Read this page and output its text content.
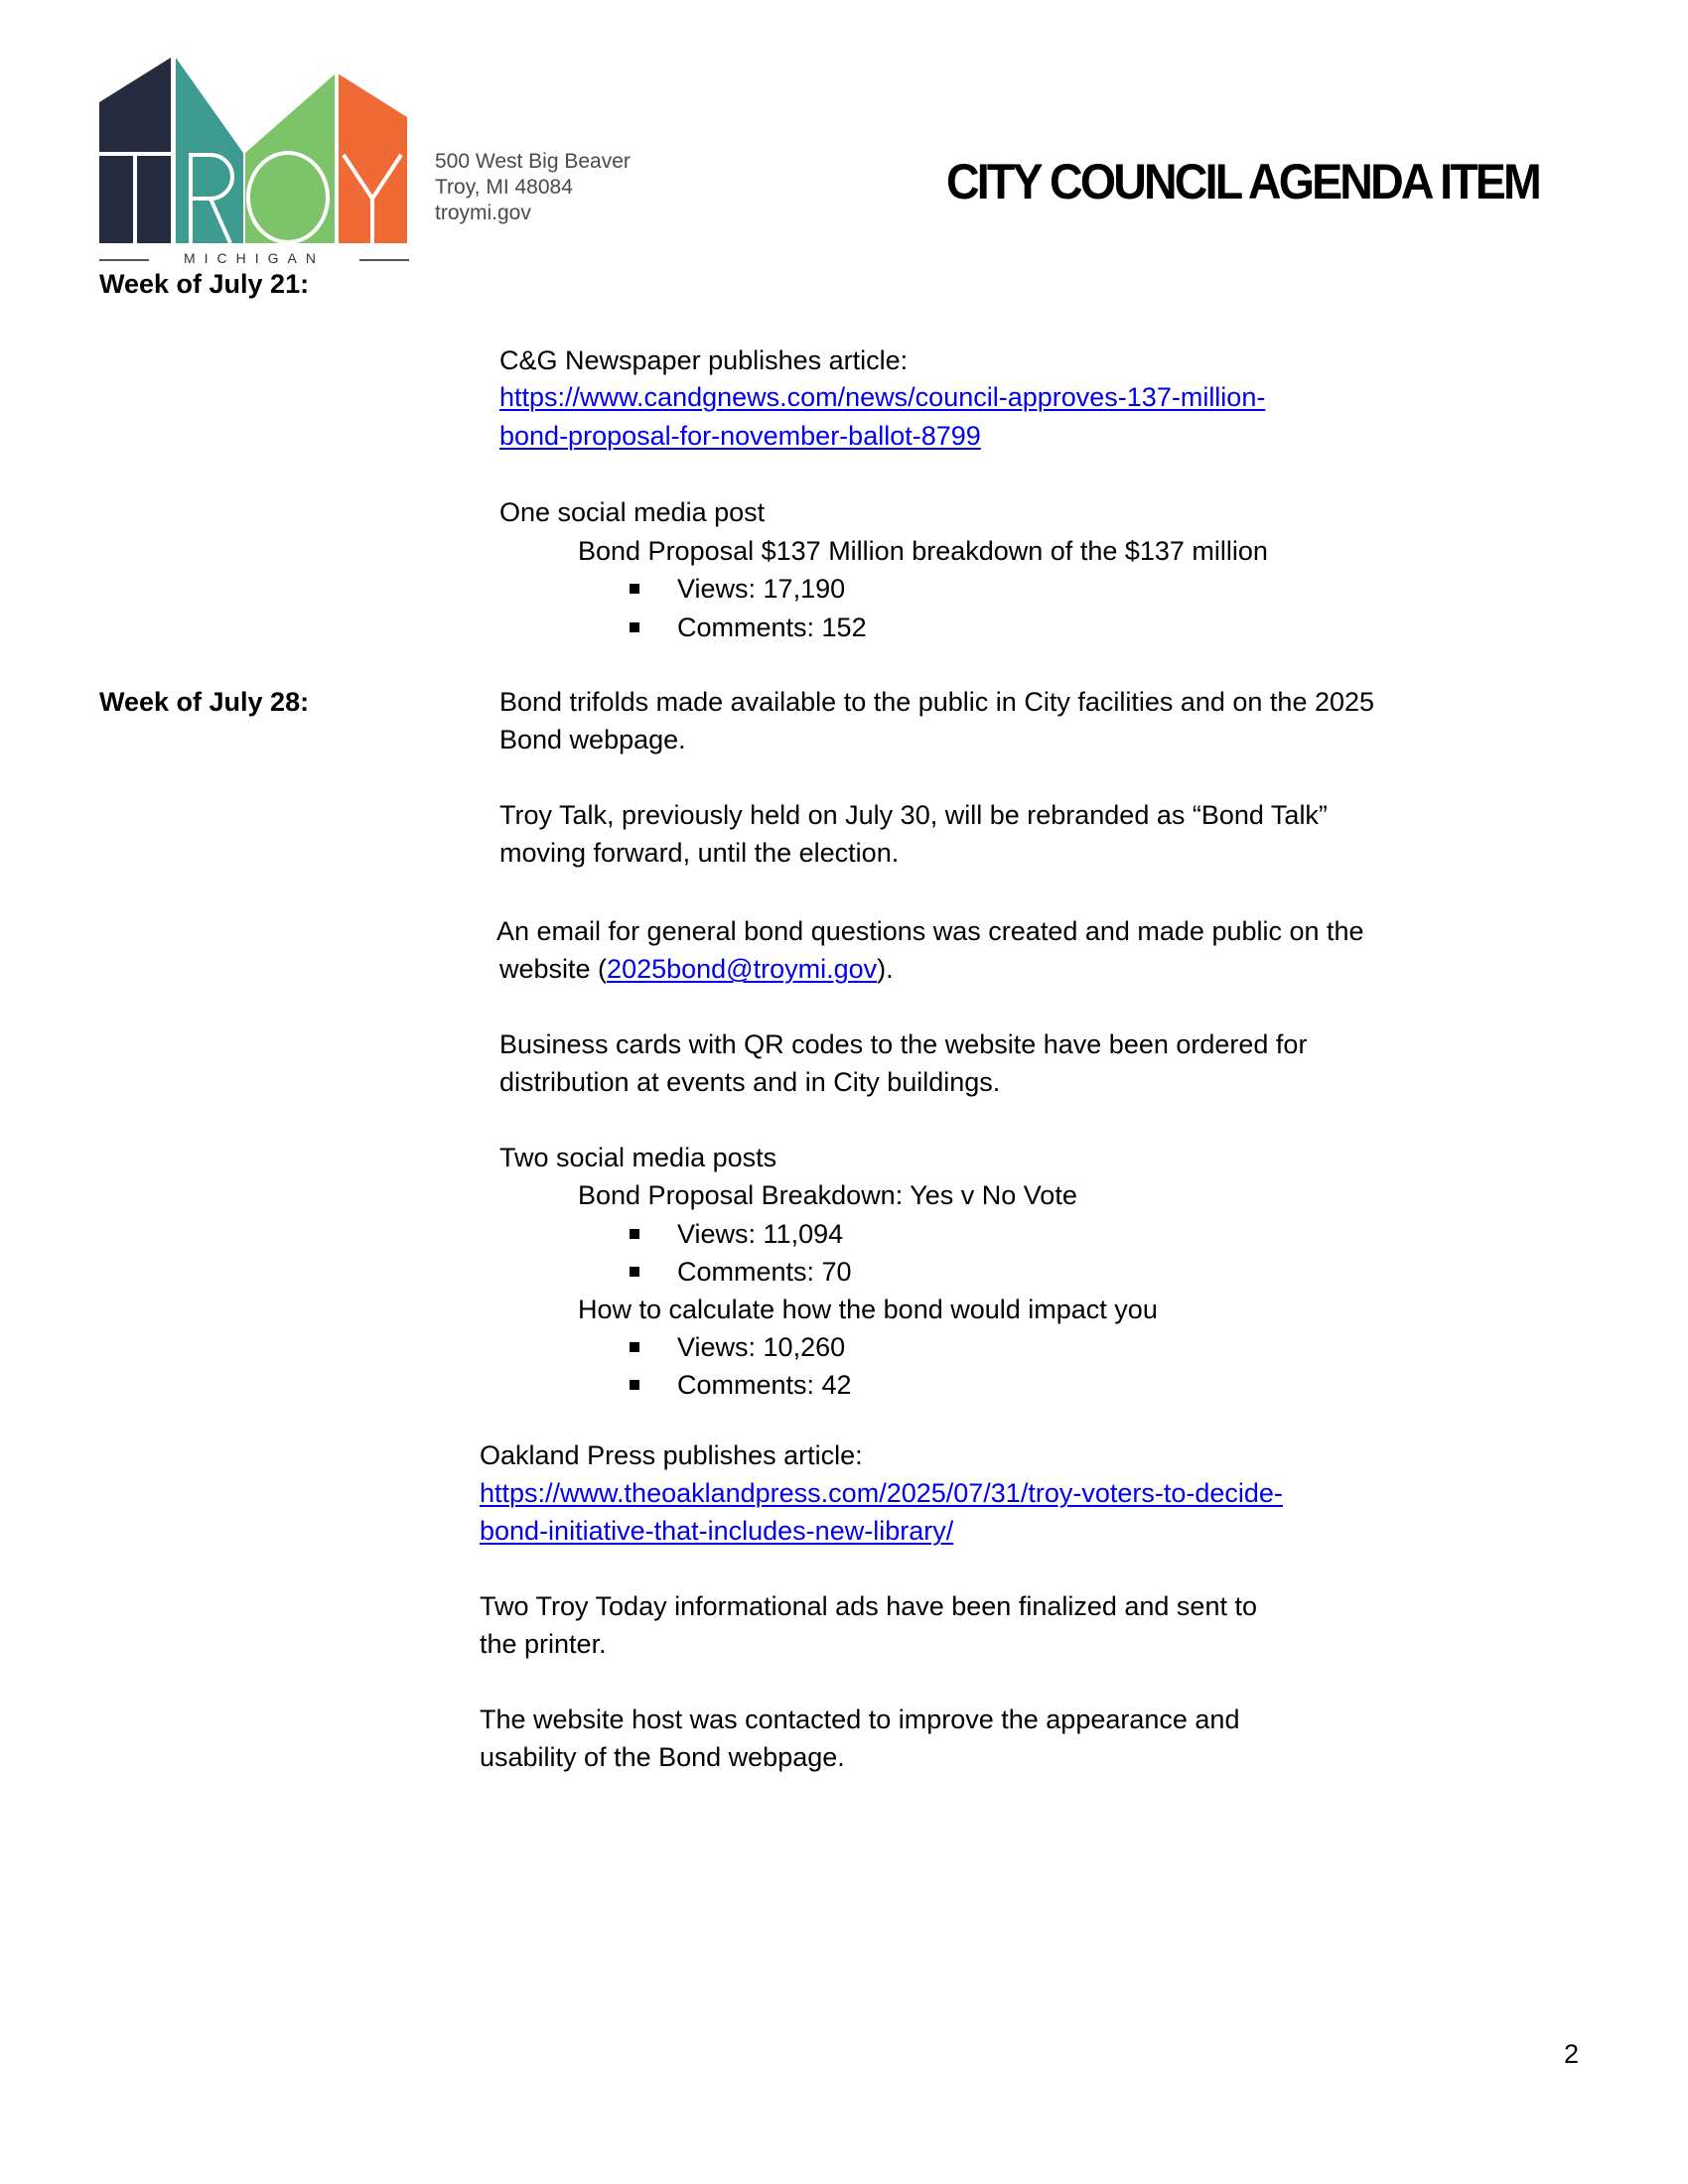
MICHIGAN
500 West Big Beaver
Troy, MI 48084
troymi.gov
CITY COUNCIL AGENDA ITEM
Week of July 21:
C&G Newspaper publishes article:
https://www.candgnews.com/news/council-approves-137-million-
bond-proposal-for-november-ballot-8799
One social media post
Bond Proposal $137 Million breakdown of the $137 million
Views: 17,190
Comments: 152
Week of July 28:	Bond trifolds made available to the public in City facilities and on the 2025
Bond webpage.
Troy Talk, previously held on July 30, will be rebranded as “Bond Talk”
moving forward, until the election.
An email for general bond questions was created and made public on the
website (2025bond@troymi.gov).
Business cards with QR codes to the website have been ordered for
distribution at events and in City buildings.
Two social media posts
Bond Proposal Breakdown: Yes v No Vote
Views: 11,094
Comments: 70
How to calculate how the bond would impact you
Views: 10,260
Comments: 42
Oakland Press publishes article:
https://www.theoaklandpress.com/2025/07/31/troy-voters-to-decide-
bond-initiative-that-includes-new-library/
Two Troy Today informational ads have been finalized and sent to
the printer.
The website host was contacted to improve the appearance and
usability of the Bond webpage.
2
